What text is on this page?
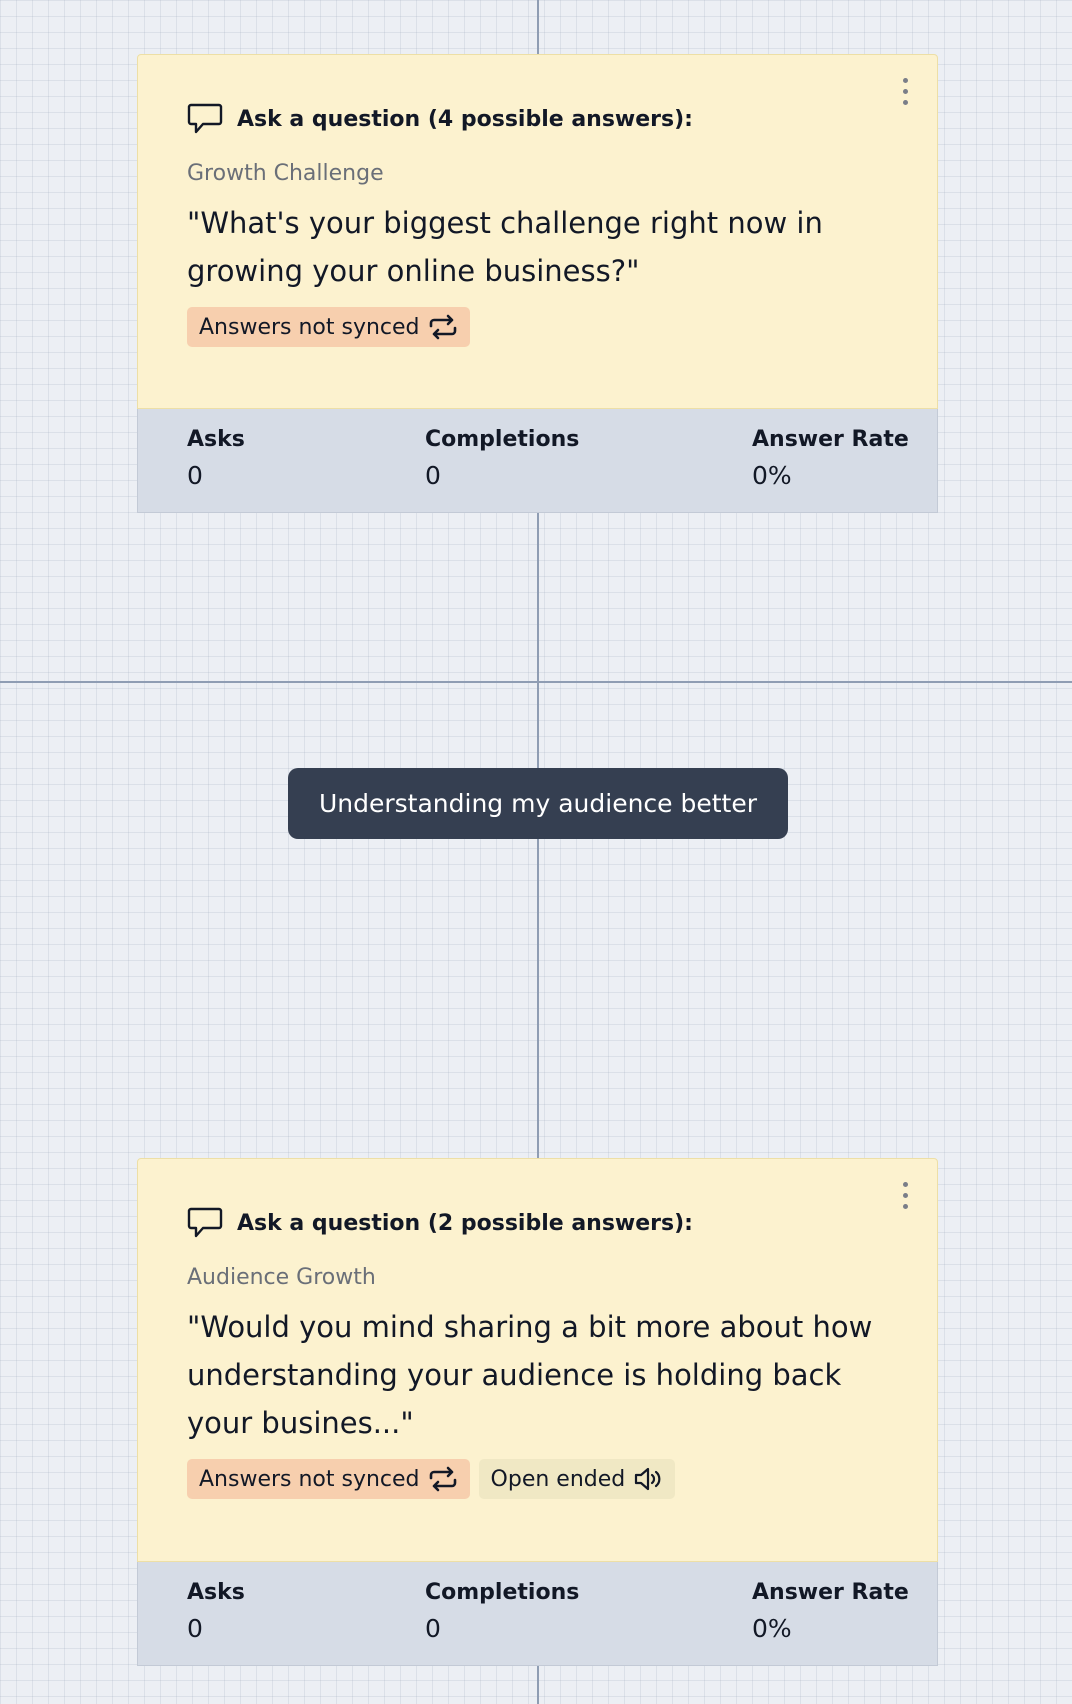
Ask a question (4 possible answers):
Growth Challenge
"What's your biggest challenge right now in growing your online business?"
Answers not synced
Asks
0
Completions
0
Answer Rate
0%
Understanding my audience better
Ask a question (2 possible answers):
Audience Growth
"Would you mind sharing a bit more about how understanding your audience is holding back your busines..."
Answers not synced	Open ended
Asks
0
Completions
0
Answer Rate
0%
